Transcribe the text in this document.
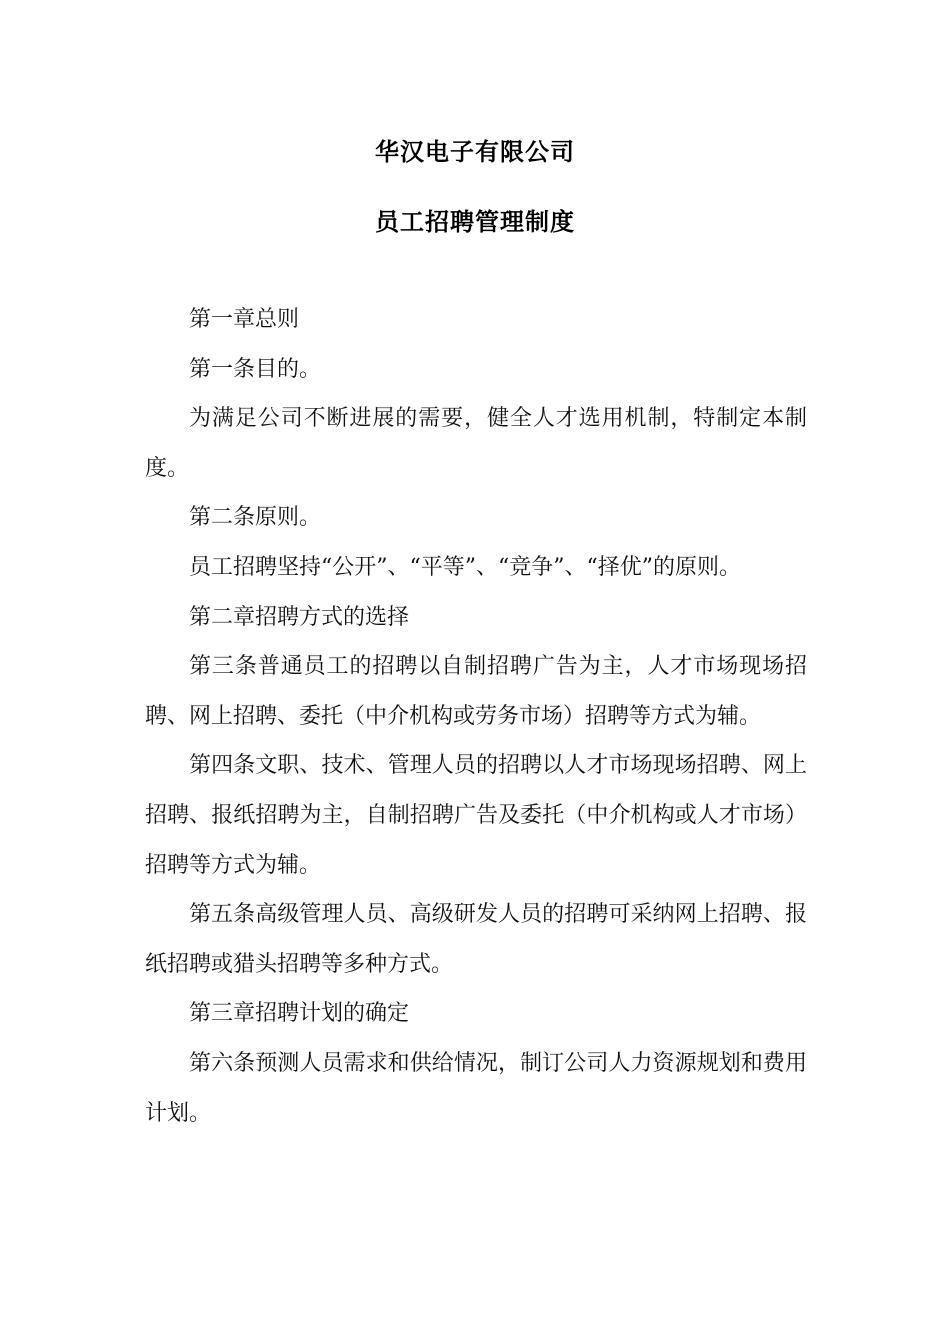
华汉电子有限公司
员工招聘管理制度

第一章总则

第一条目的。

为满足公司不断进展的需要，健全人才选用机制，特制定本制度。

第二条原则。

员工招聘坚持“公开”、“平等”、“竞争”、“择优”的原则。

第二章招聘方式的选择

第三条普通员工的招聘以自制招聘广告为主，人才市场现场招聘、网上招聘、委托（中介机构或劳务市场）招聘等方式为辅。

第四条文职、技术、管理人员的招聘以人才市场现场招聘、网上招聘、报纸招聘为主，自制招聘广告及委托（中介机构或人才市场）招聘等方式为辅。

第五条高级管理人员、高级研发人员的招聘可采纳网上招聘、报纸招聘或猎头招聘等多种方式。

第三章招聘计划的确定

第六条预测人员需求和供给情况，制订公司人力资源规划和费用计划。
